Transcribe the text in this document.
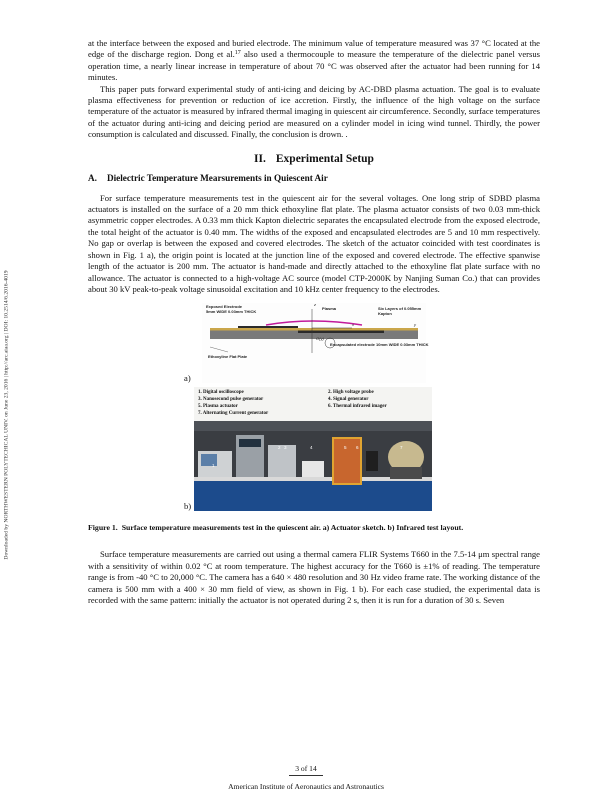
Downloaded by NORTHWESTERN POLYTECHICAL UNIV. on June 23, 2016 | http://arc.aiaa.org | DOI: 10.2514/6.2016-4019

at the interface between the exposed and buried electrode. The minimum value of temperature measured was 37 °C located at the edge of the discharge region. Dong et al.$^{17}$ also used a thermocouple to measure the temperature of the dielectric panel versus operation time, a nearly linear increase in temperature of about 70 °C was observed after the actuator had been running for 14 minutes.

This paper puts forward experimental study of anti-icing and deicing by AC-DBD plasma actuation. The goal is to evaluate plasma effectiveness for prevention or reduction of ice accretion. Firstly, the influence of the high voltage on the surface temperature of the actuator is measured by infrared thermal imaging in quiescent air circumference. Secondly, surface temperatures of the actuator during anti-icing and deicing period are measured on a cylinder model in icing wind tunnel. Thirdly, the power consumption is calculated and discussed. Finally, the conclusion is drown. .

II. Experimental Setup
A. Dielectric Temperature Mearsurements in Quiescent Air

For surface temperature measurements test in the quiescent air for the several voltages. One long strip of SDBD plasma actuators is installed on the surface of a 20 mm thick ethoxyline flat plate. The plasma actuator consists of two 0.03 mm-thick asymmetric copper electrodes. A 0.33 mm thick Kapton dielectric separates the encapsulated electrode from the exposed electrode, the total height of the actuator is 0.40 mm. The widths of the exposed and encapsulated electrodes are 5 and 10 mm respectively. No gap or overlap is between the exposed and covered electrodes. The sketch of the actuator coincided with test coordinates is shown in Fig. 1 a), the origin point is located at the junction line of the exposed and covered electrode. The effective spanwise length of the actuator is 200 mm. The actuator is hand-made and directly attached to the ethoxyline flat plate surface with no allowance. The actuator is connected to a high-voltage AC source (model CTP-2000K by Nanjing Suman Co.) that can provides about 30 kV peak-to-peak voltage sinusoidal excitation and 10 kHz center frequency to the electrodes.

a)
b)
Exposed Electrode
5mm WIDE 0.03mm THICK
Plasma	Six Layers of 0.055mm
Kapton
Encapsulated electrode 10mm WIDE 0.03mm THICK
Ethoxyline Flat Plate
O(y)
z
x	y
1. Digital oscilloscope	2. High voltage probe
3. Nanosecond pulse generator	4. Signal generator
5. Plasma actuator	6. Thermal infrared imager
7. Alternating Current generator
2 3	4	5 6	7
1
Figure 1. Surface temperature measurements test in the quiescent air. a) Actuator sketch. b) Infrared test layout.

Surface temperature measurements are carried out using a thermal camera FLIR Systems T660 in the 7.5-14 μm spectral range with a sensitivity of within 0.02 °C at room temperature. The highest accuracy for the T660 is ±1% of reading. The temperature range is from -40 °C to 20,000 °C. The camera has a 640 × 480 resolution and 30 Hz video frame rate. The working distance of the camera is 500 mm with a 400 × 30 mm field of view, as shown in Fig. 1 b). For each case studied, the experimental data is recorded with the same pattern: initially the actuator is not operated during 2 s, then it is run for a duration of 30 s. Seven

3 of 14
American Institute of Aeronautics and Astronautics
